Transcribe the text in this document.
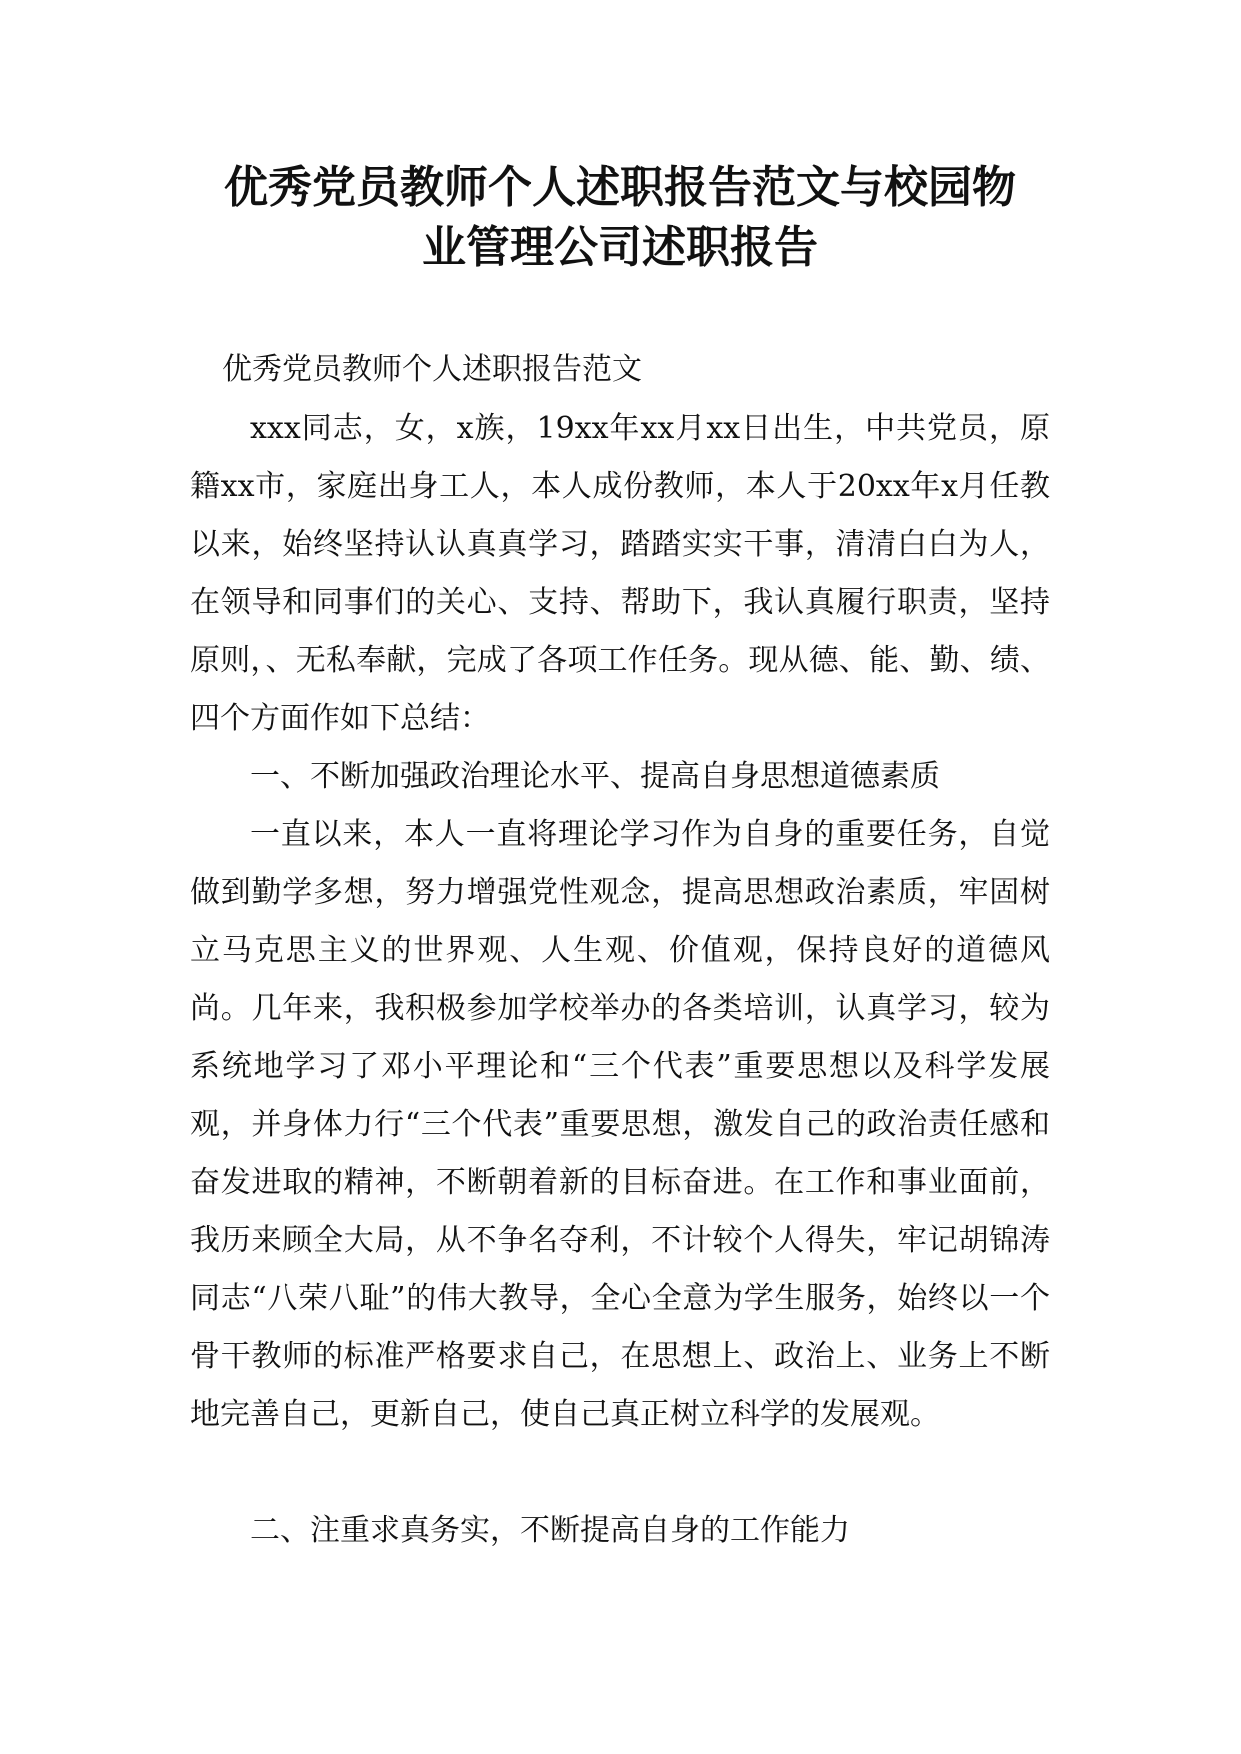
优秀党员教师个人述职报告范文与校园物
业管理公司述职报告
优秀党员教师个人述职报告范文

xxx同志，女，x族，19xx年xx月xx日出生，中共党员，原籍xx市，家庭出身工人，本人成份教师，本人于20xx年x月任教以来，始终坚持认认真真学习，踏踏实实干事，清清白白为人，在领导和同事们的关心、支持、帮助下，我认真履行职责，坚持原则，、无私奉献，完成了各项工作任务。现从德、能、勤、绩、四个方面作如下总结：

一、不断加强政治理论水平、提高自身思想道德素质

一直以来，本人一直将理论学习作为自身的重要任务，自觉做到勤学多想，努力增强党性观念，提高思想政治素质，牢固树立马克思主义的世界观、人生观、价值观，保持良好的道德风尚。几年来，我积极参加学校举办的各类培训，认真学习，较为系统地学习了邓小平理论和“三个代表”重要思想以及科学发展观，并身体力行“三个代表”重要思想，激发自己的政治责任感和奋发进取的精神，不断朝着新的目标奋进。在工作和事业面前，我历来顾全大局，从不争名夺利，不计较个人得失，牢记胡锦涛同志“八荣八耻”的伟大教导，全心全意为学生服务，始终以一个骨干教师的标准严格要求自己，在思想上、政治上、业务上不断地完善自己，更新自己，使自己真正树立科学的发展观。

二、注重求真务实，不断提高自身的工作能力
